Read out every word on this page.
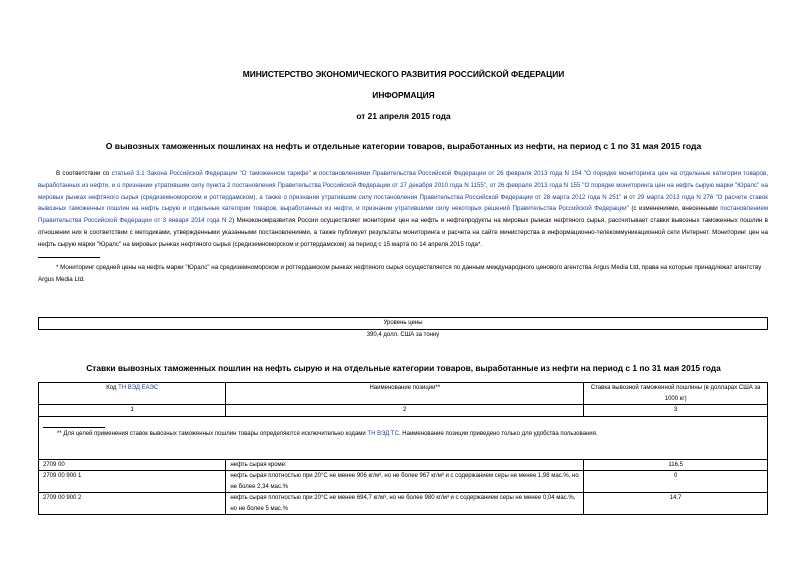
МИНИСТЕРСТВО ЭКОНОМИЧЕСКОГО РАЗВИТИЯ РОССИЙСКОЙ ФЕДЕРАЦИИ
ИНФОРМАЦИЯ
от 21 апреля 2015 года
О вывозных таможенных пошлинах на нефть и отдельные категории товаров, выработанных из нефти, на период с 1 по 31 мая 2015 года
В соответствии со статьей 3.1 Закона Российской Федерации "О таможенном тарифе" и постановлениями Правительства Российской Федерации от 26 февраля 2013 года N 154 "О порядке мониторинга цен на отдельные категории товаров, выработанных из нефти, и о признании утратившим силу пункта 2 постановления Правительства Российской Федерации от 27 декабря 2010 года N 1155", от 26 февраля 2013 года N 155 "О порядке мониторинга цен на нефть сырую марки "Юралс" на мировых рынках нефтяного сырья (средиземноморском и роттердамском), а также о признании утратившим силу постановления Правительства Российской Федерации от 28 марта 2012 года N 251" и от 29 марта 2013 года N 276 "О расчете ставок вывозных таможенных пошлин на нефть сырую и отдельные категории товаров, выработанных из нефти, и признании утратившими силу некоторых решений Правительства Российской Федерации" (с изменениями, внесенными постановлением Правительства Российской Федерации от 3 января 2014 года N 2) Минэкономразвития России осуществляет мониторинг цен на нефть и нефтепродукты на мировых рынках нефтяного сырья, рассчитывает ставки вывозных таможенных пошлин в отношении них в соответствии с методиками, утвержденными указанными постановлениями, а также публикует результаты мониторинга и расчета на сайте министерства в информационно-телекоммуникационной сети Интернет. Мониторинг цен на нефть сырую марки "Юралс" на мировых рынках нефтяного сырья (средиземноморском и роттердамском) за период с 15 марта по 14 апреля 2015 года*.
* Мониторинг средней цены на нефть марки "Юралс" на средиземноморском и роттердамском рынках нефтяного сырья осуществляется по данным международного ценового агентства Argus Media Ltd, права на которые принадлежат агентству Argus Media Ltd.
Уровень цены
390,4 долл. США за тонну
Ставки вывозных таможенных пошлин на нефть сырую и на отдельные категории товаров, выработанные из нефти на период с 1 по 31 мая 2015 года
Код ТН ВЭД ЕАЭС	Наименование позиции**	Ставка вывозной таможенной пошлины (в долларах США за 1000 кг)
1	2	3

** Для целей применения ставок вывозных таможенных пошлин товары определяются исключительно кодами ТН ВЭД ТС. Наименование позиции приведено только для удобства пользования.		

2709 00	нефть сырая кроме:	116,5
2709 00 900 1	нефть сырая плотностью при 20°С не менее 906 кг/м³, но не более 967 кг/м³ и с содержанием серы не менее 1,98 мас.%, но не более 2,34 мас.%	0
2709 00 900 2	нефть сырая плотностью при 20°С не менее 694,7 кг/м³, но не более 980 кг/м³ и с содержанием серы не менее 0,04 мас.%, но не более 5 мас.%	14,7
